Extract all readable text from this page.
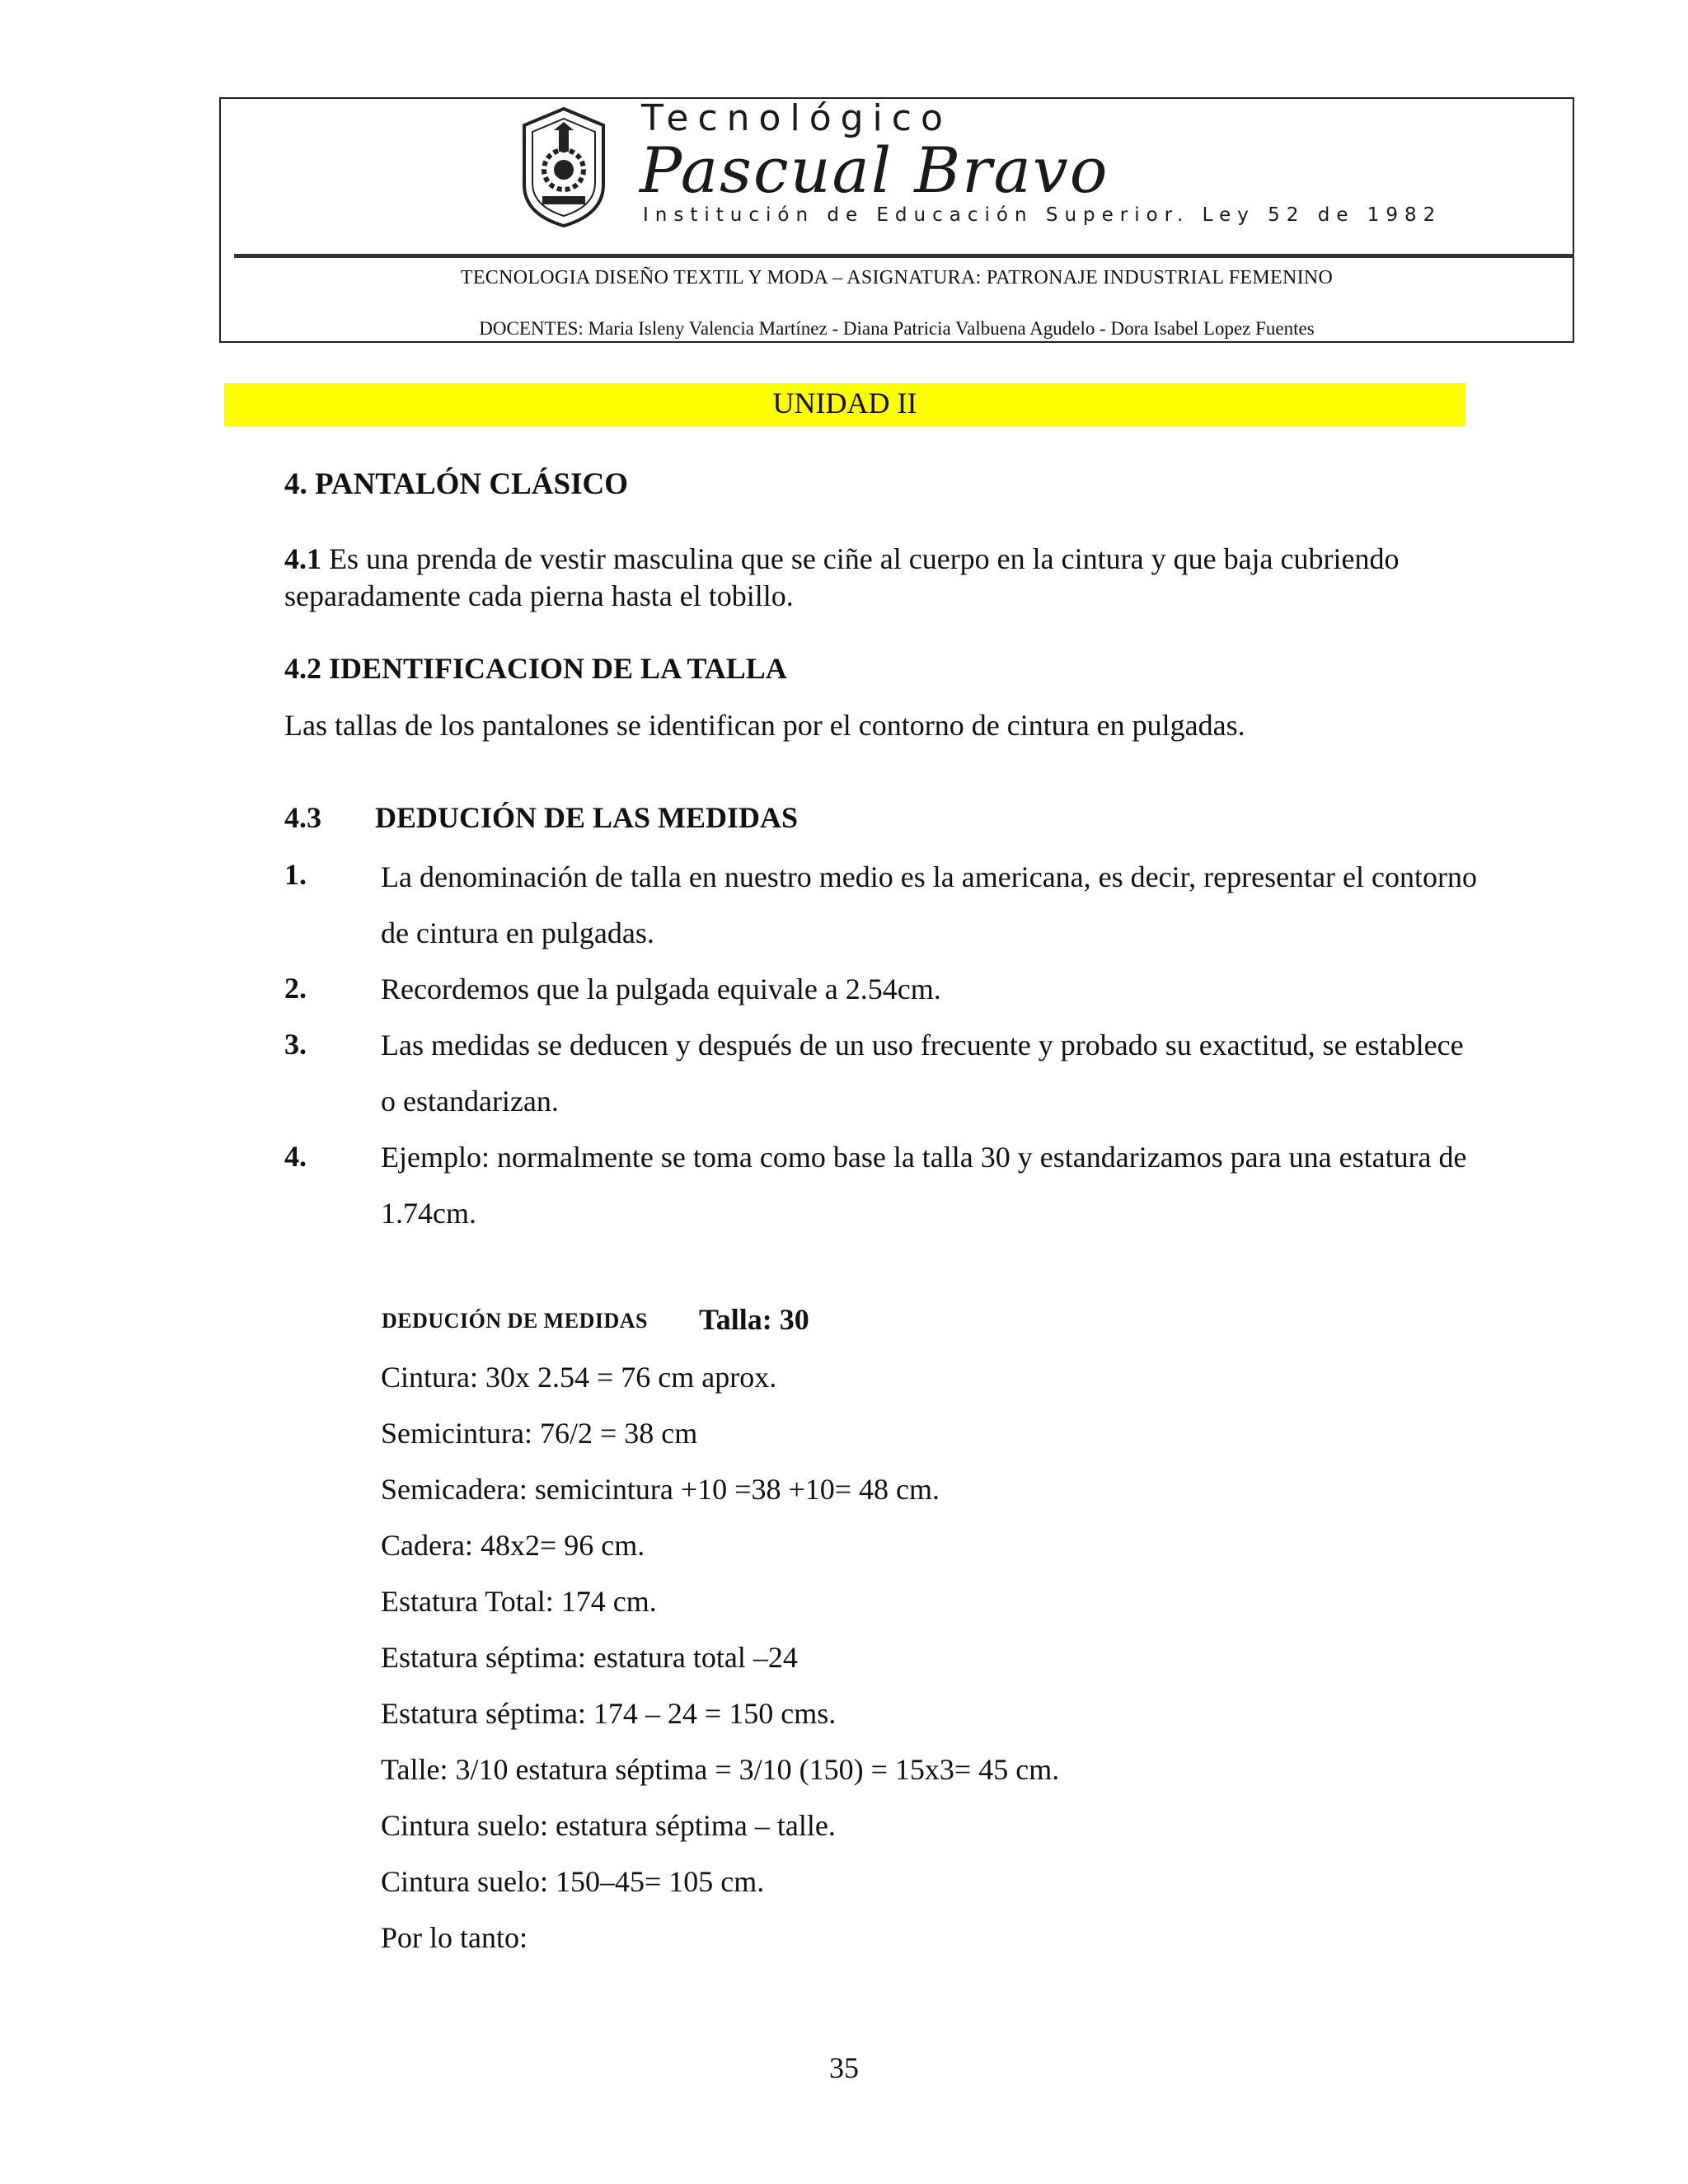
Tecnológico
Pascual Bravo
Institución de Educación Superior. Ley 52 de 1982
TECNOLOGIA DISEÑO TEXTIL Y MODA – ASIGNATURA: PATRONAJE INDUSTRIAL FEMENINO
DOCENTES: Maria Isleny Valencia Martínez - Diana Patricia Valbuena Agudelo - Dora Isabel Lopez Fuentes
UNIDAD II
4. PANTALÓN CLÁSICO
4.1 Es una prenda de vestir masculina que se ciñe al cuerpo en la cintura y que baja cubriendo separadamente cada pierna hasta el tobillo.
4.2 IDENTIFICACION DE LA TALLA
Las tallas de los pantalones se identifican por el contorno de cintura en pulgadas.
4.3 DEDUCIÓN DE LAS MEDIDAS
1.	La denominación de talla en nuestro medio es la americana, es decir, representar el contorno de cintura en pulgadas.
2.	Recordemos que la pulgada equivale a 2.54cm.
3.	Las medidas se deducen y después de un uso frecuente y probado su exactitud, se establece o estandarizan.
4.	Ejemplo: normalmente se toma como base la talla 30 y estandarizamos para una estatura de 1.74cm.
DEDUCIÓN DE MEDIDAS Talla: 30
Cintura: 30x 2.54 = 76 cm aprox.
Semicintura: 76/2 = 38 cm
Semicadera: semicintura +10 =38 +10= 48 cm.
Cadera: 48x2= 96 cm.
Estatura Total: 174 cm.
Estatura séptima: estatura total –24
Estatura séptima: 174 – 24 = 150 cms.
Talle: 3/10 estatura séptima = 3/10 (150) = 15x3= 45 cm.
Cintura suelo: estatura séptima – talle.
Cintura suelo: 150–45= 105 cm.
Por lo tanto:
35
